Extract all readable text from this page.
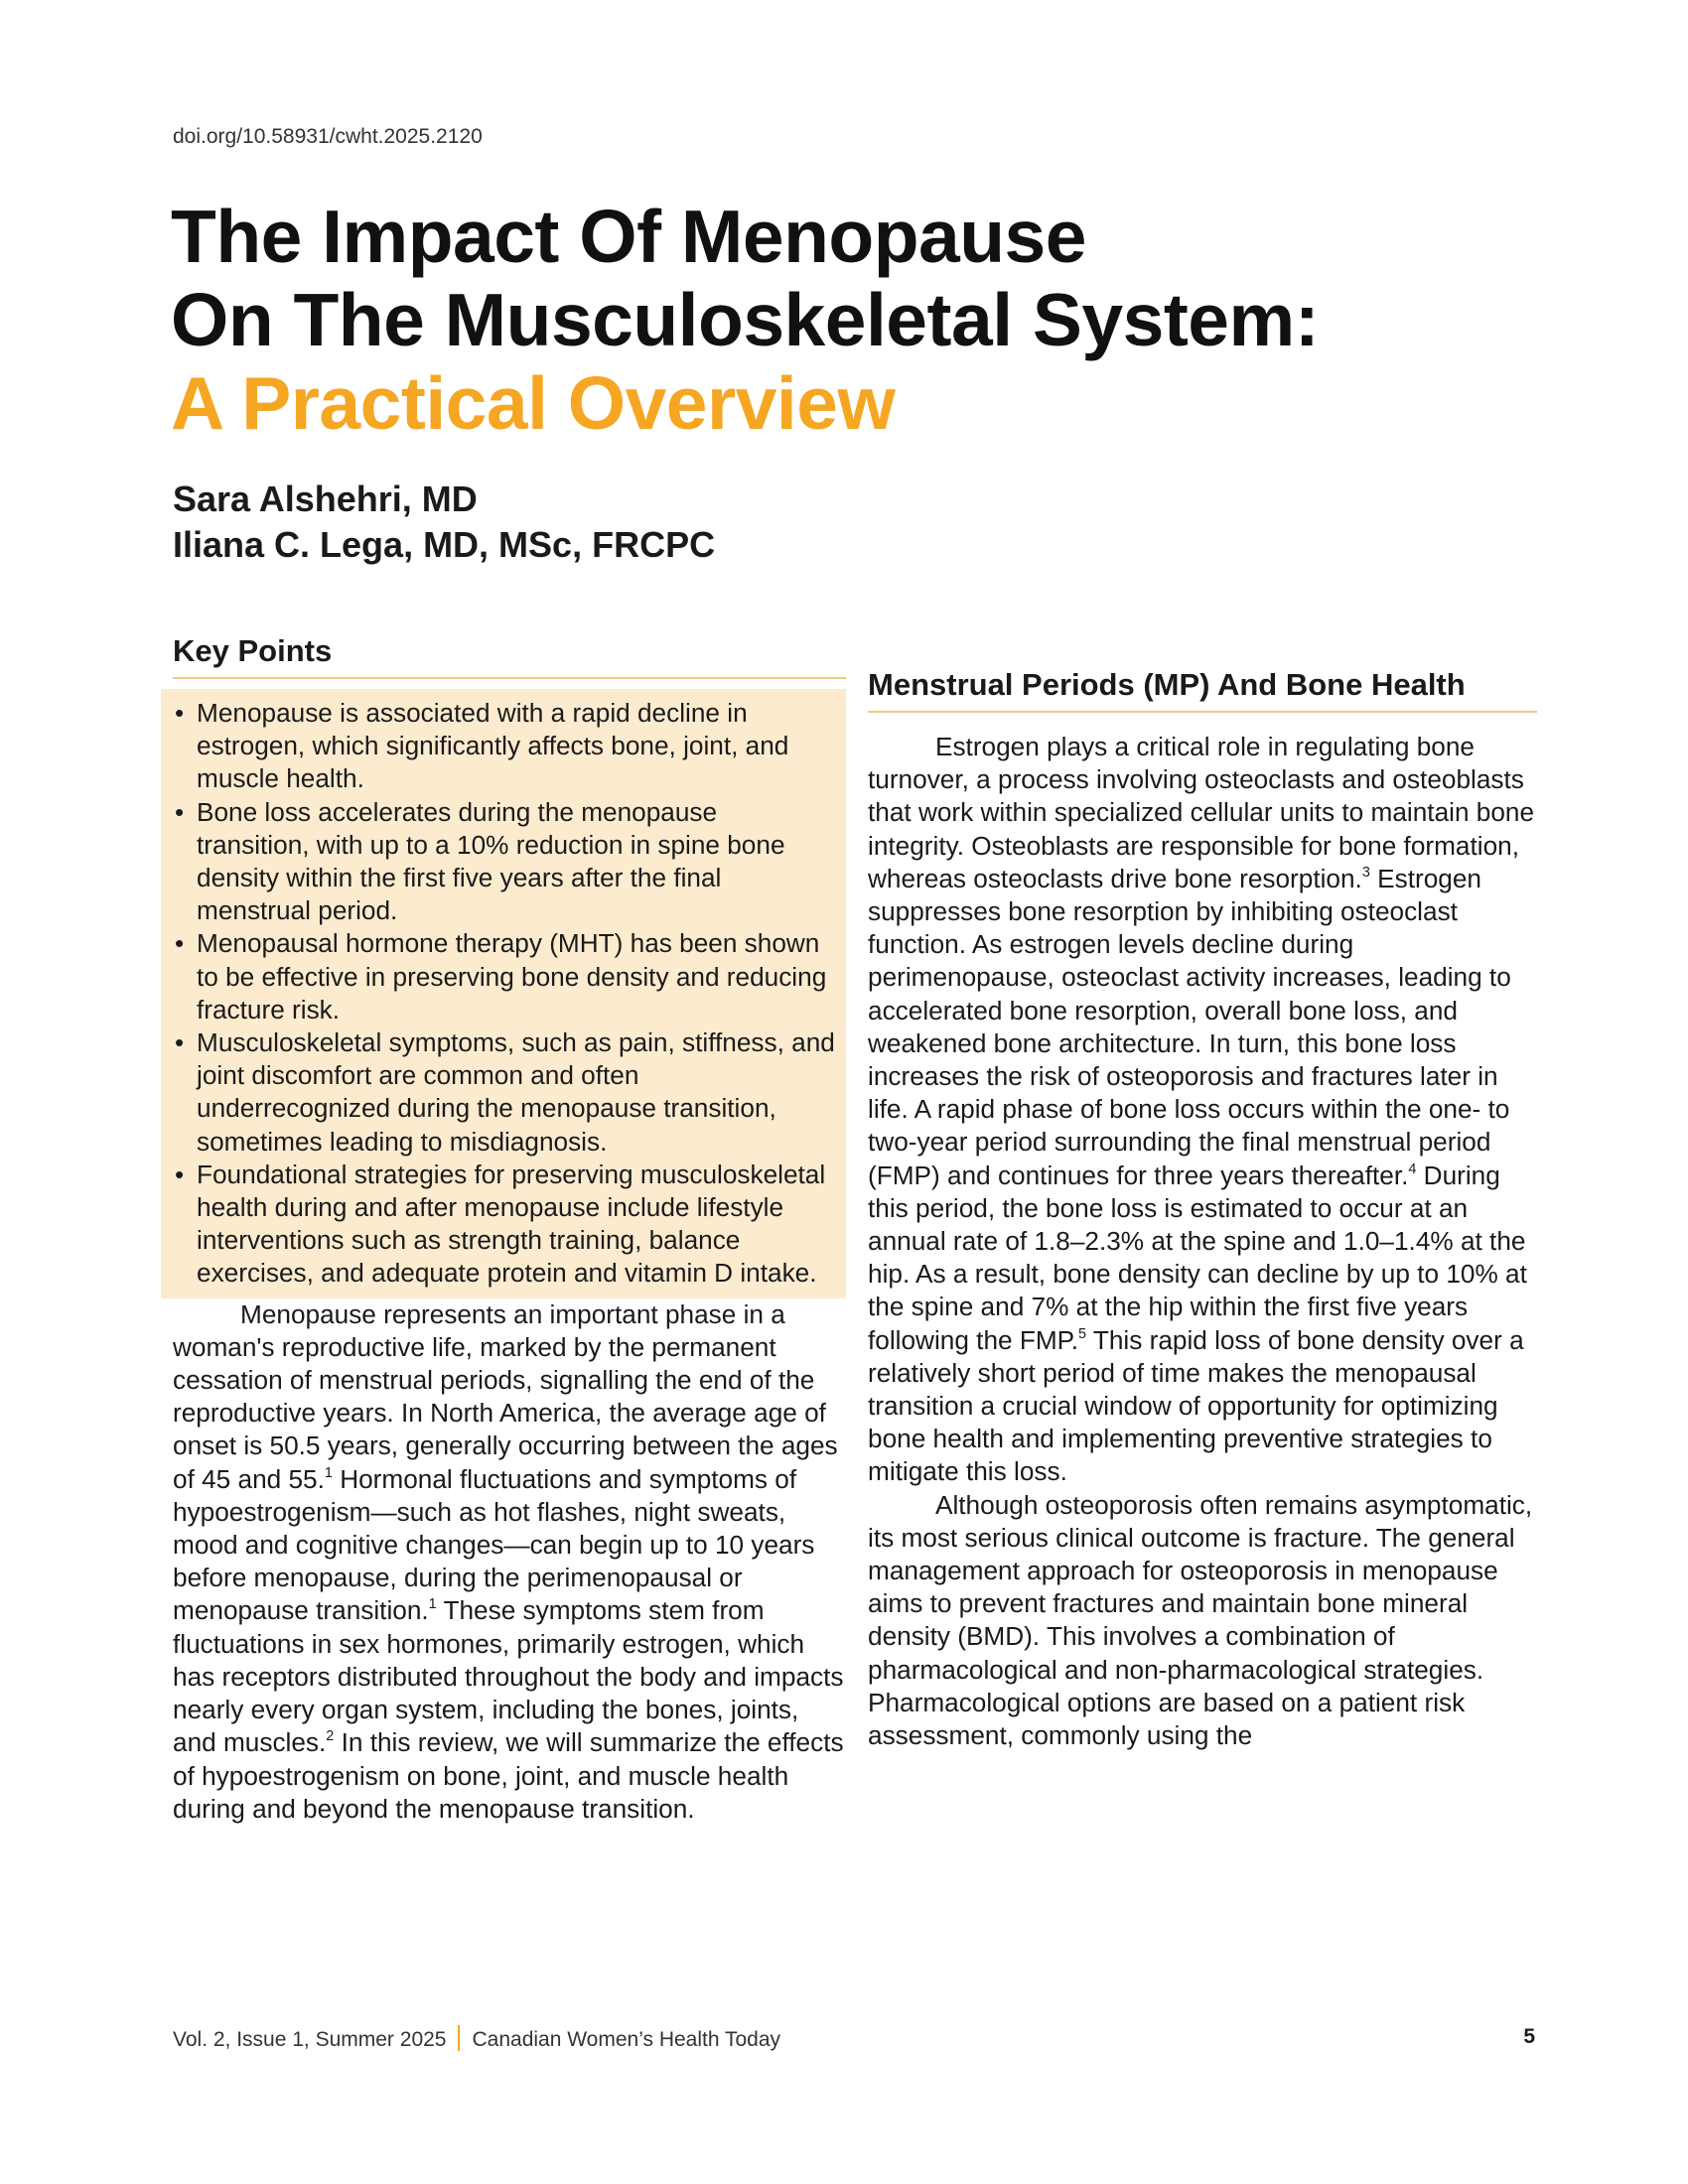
doi.org/10.58931/cwht.2025.2120
The Impact Of Menopause
On The Musculoskeletal System:
A Practical Overview
Sara Alshehri, MD
Iliana C. Lega, MD, MSc, FRCPC
Key Points
• Menopause is associated with a rapid decline in estrogen, which significantly affects bone, joint, and muscle health.
• Bone loss accelerates during the menopause transition, with up to a 10% reduction in spine bone density within the first five years after the final menstrual period.
• Menopausal hormone therapy (MHT) has been shown to be effective in preserving bone density and reducing fracture risk.
• Musculoskeletal symptoms, such as pain, stiffness, and joint discomfort are common and often underrecognized during the menopause transition, sometimes leading to misdiagnosis.
• Foundational strategies for preserving musculoskeletal health during and after menopause include lifestyle interventions such as strength training, balance exercises, and adequate protein and vitamin D intake.

Menopause represents an important phase in a woman's reproductive life, marked by the permanent cessation of menstrual periods, signalling the end of the reproductive years. In North America, the average age of onset is 50.5 years, generally occurring between the ages of 45 and 55.$^1$ Hormonal fluctuations and symptoms of hypoestrogenism—such as hot flashes, night sweats, mood and cognitive changes—can begin up to 10 years before menopause, during the perimenopausal or menopause transition.$^1$ These symptoms stem from fluctuations in sex hormones, primarily estrogen, which has receptors distributed throughout the body and impacts nearly every organ system, including the bones, joints, and muscles.$^2$ In this review, we will summarize the effects of hypoestrogenism on bone, joint, and muscle health during and beyond the menopause transition.

Menstrual Periods (MP) And Bone Health

Estrogen plays a critical role in regulating bone turnover, a process involving osteoclasts and osteoblasts that work within specialized cellular units to maintain bone integrity. Osteoblasts are responsible for bone formation, whereas osteoclasts drive bone resorption.$^3$ Estrogen suppresses bone resorption by inhibiting osteoclast function. As estrogen levels decline during perimenopause, osteoclast activity increases, leading to accelerated bone resorption, overall bone loss, and weakened bone architecture. In turn, this bone loss increases the risk of osteoporosis and fractures later in life. A rapid phase of bone loss occurs within the one- to two-year period surrounding the final menstrual period (FMP) and continues for three years thereafter.$^4$ During this period, the bone loss is estimated to occur at an annual rate of 1.8–2.3% at the spine and 1.0–1.4% at the hip. As a result, bone density can decline by up to 10% at the spine and 7% at the hip within the first five years following the FMP.$^5$ This rapid loss of bone density over a relatively short period of time makes the menopausal transition a crucial window of opportunity for optimizing bone health and implementing preventive strategies to mitigate this loss.

Although osteoporosis often remains asymptomatic, its most serious clinical outcome is fracture. The general management approach for osteoporosis in menopause aims to prevent fractures and maintain bone mineral density (BMD). This involves a combination of pharmacological and non-pharmacological strategies. Pharmacological options are based on a patient risk assessment, commonly using the

Vol. 2, Issue 1, Summer 2025 Canadian Women’s Health Today	5
